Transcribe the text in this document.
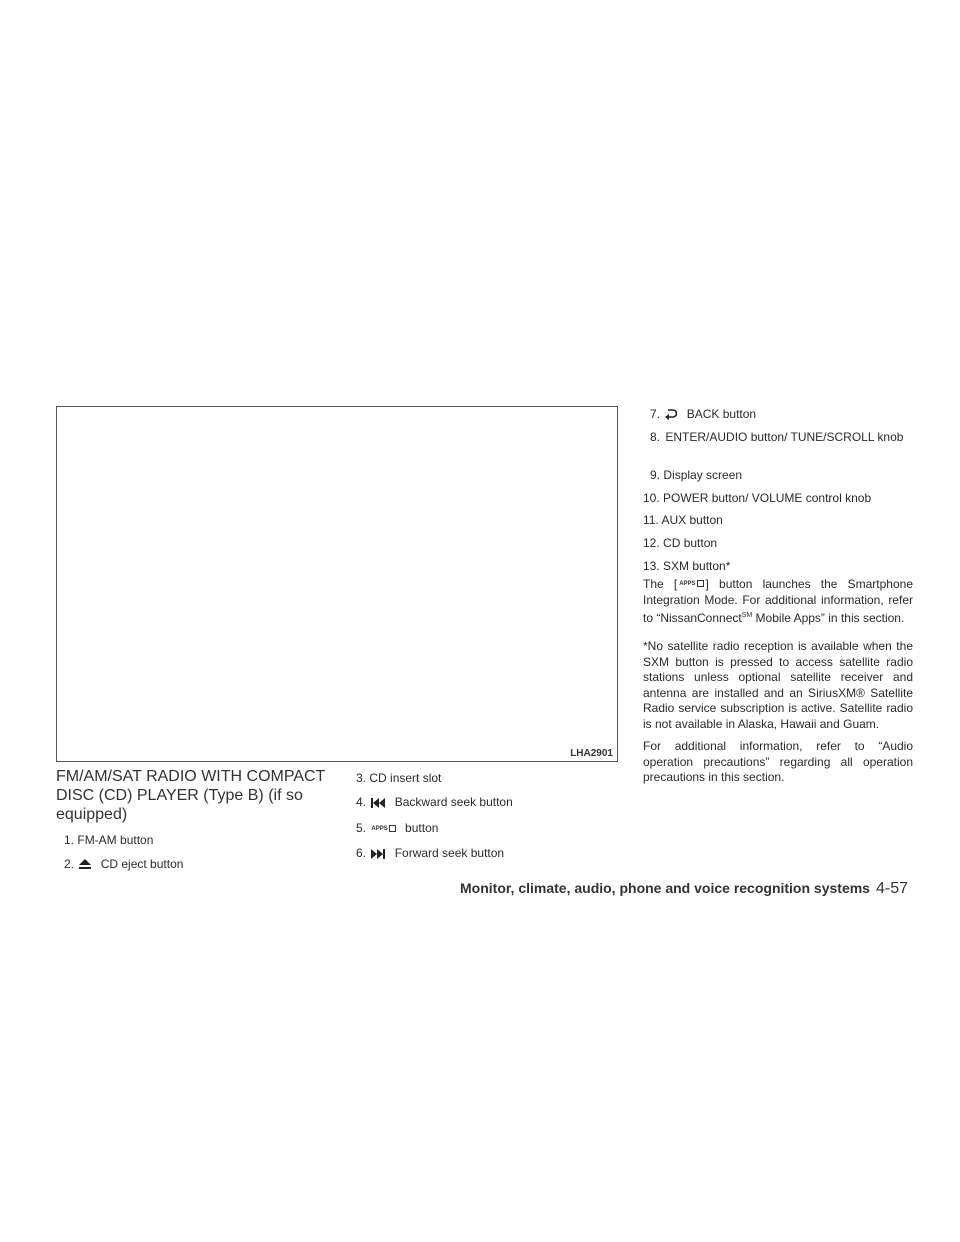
LHA2901
FM/AM/SAT RADIO WITH COMPACT DISC (CD) PLAYER (Type B) (if so equipped)
1. FM-AM button
2. CD eject button
3. CD insert slot
4. Backward seek button
5. APPS button
6. Forward seek button
7. BACK button
8. ENTER/AUDIO button/ TUNE/SCROLL knob
9. Display screen
10. POWER button/ VOLUME control knob
11. AUX button
12. CD button
13. SXM button*
The [ APPS ] button launches the Smartphone Integration Mode. For additional information, refer to “NissanConnect℠ Mobile Apps” in this section.
*No satellite radio reception is available when the SXM button is pressed to access satellite radio stations unless optional satellite receiver and antenna are installed and an SiriusXM® Satellite Radio service subscription is active. Satellite radio is not available in Alaska, Hawaii and Guam.
For additional information, refer to “Audio operation precautions” regarding all operation precautions in this section.
Monitor, climate, audio, phone and voice recognition systems 4-57
